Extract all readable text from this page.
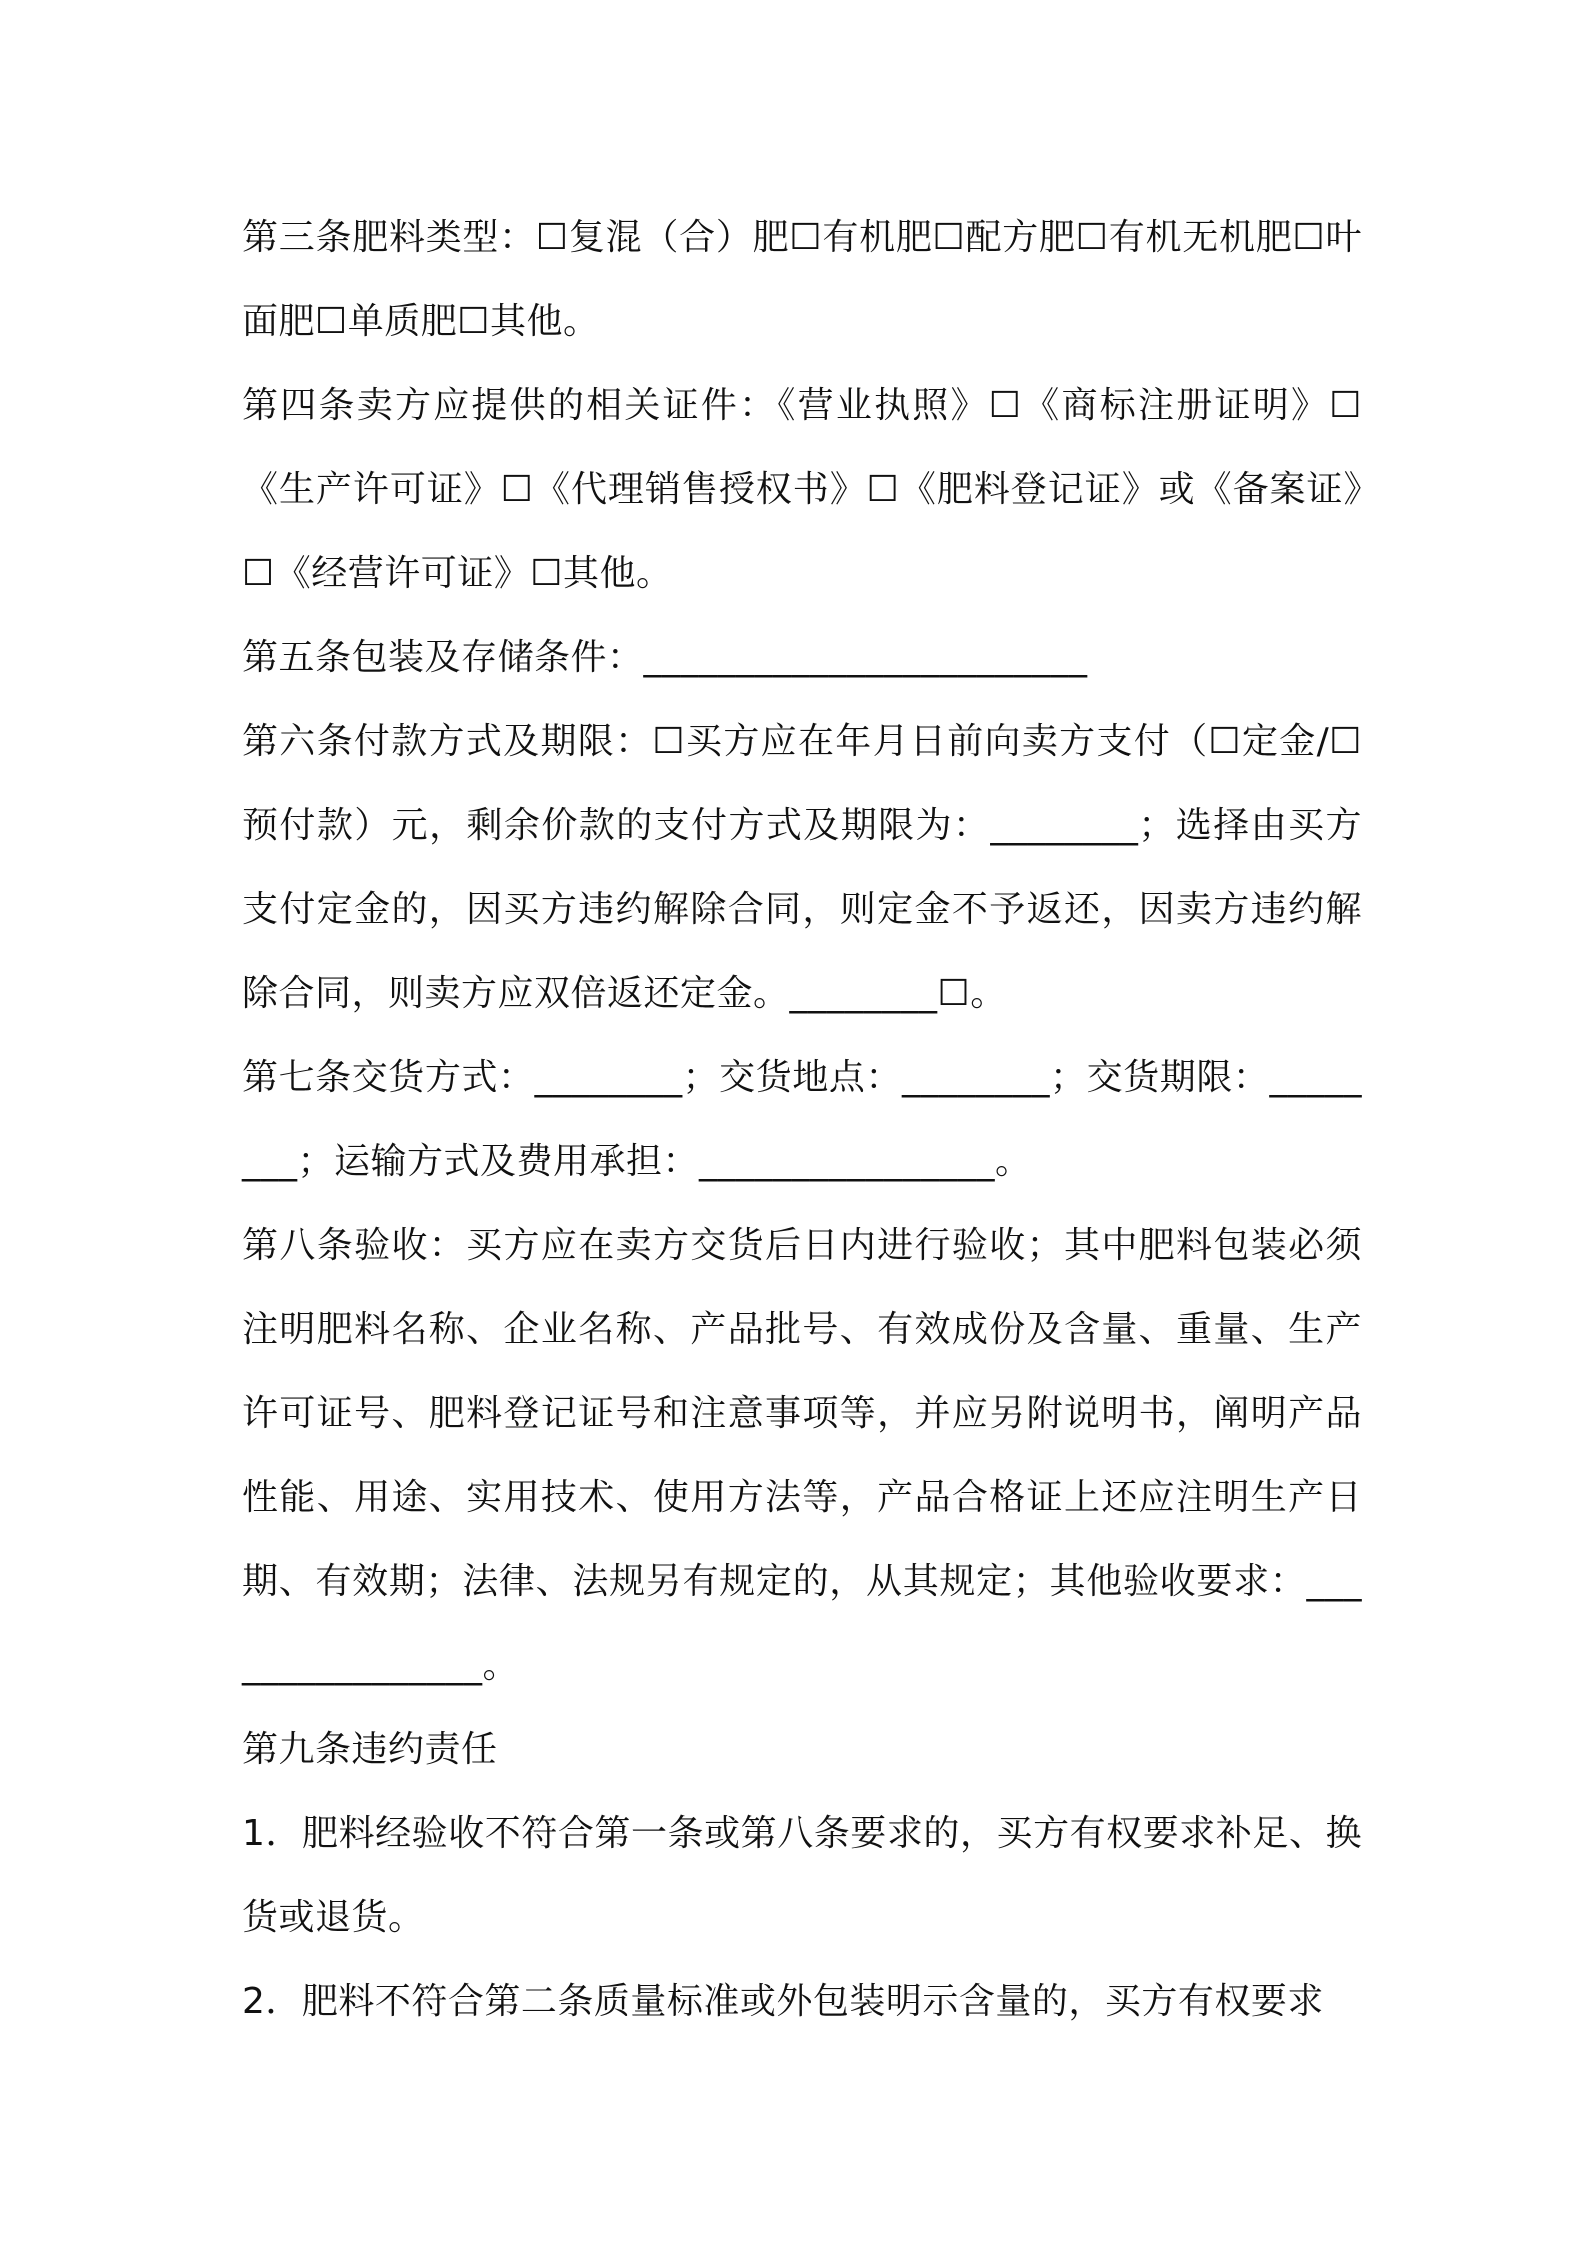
第三条肥料类型：☐复混（合）肥☐有机肥☐配方肥☐有机无机肥☐叶面肥☐单质肥☐其他。

第四条卖方应提供的相关证件：《营业执照》☐《商标注册证明》☐《生产许可证》☐《代理销售授权书》☐《肥料登记证》或《备案证》☐《经营许可证》☐其他。

第五条包装及存储条件：________________________

第六条付款方式及期限：☐买方应在年月日前向卖方支付（☐定金/☐预付款）元，剩余价款的支付方式及期限为：________；选择由买方支付定金的，因买方违约解除合同，则定金不予返还，因卖方违约解除合同，则卖方应双倍返还定金。________☐。

第七条交货方式：________；交货地点：________；交货期限：________；运输方式及费用承担：________________。

第八条验收：买方应在卖方交货后日内进行验收；其中肥料包装必须注明肥料名称、企业名称、产品批号、有效成份及含量、重量、生产许可证号、肥料登记证号和注意事项等，并应另附说明书，阐明产品性能、用途、实用技术、使用方法等，产品合格证上还应注明生产日期、有效期；法律、法规另有规定的，从其规定；其他验收要求：________________。

第九条违约责任

1．肥料经验收不符合第一条或第八条要求的，买方有权要求补足、换货或退货。

2．肥料不符合第二条质量标准或外包装明示含量的，买方有权要求
